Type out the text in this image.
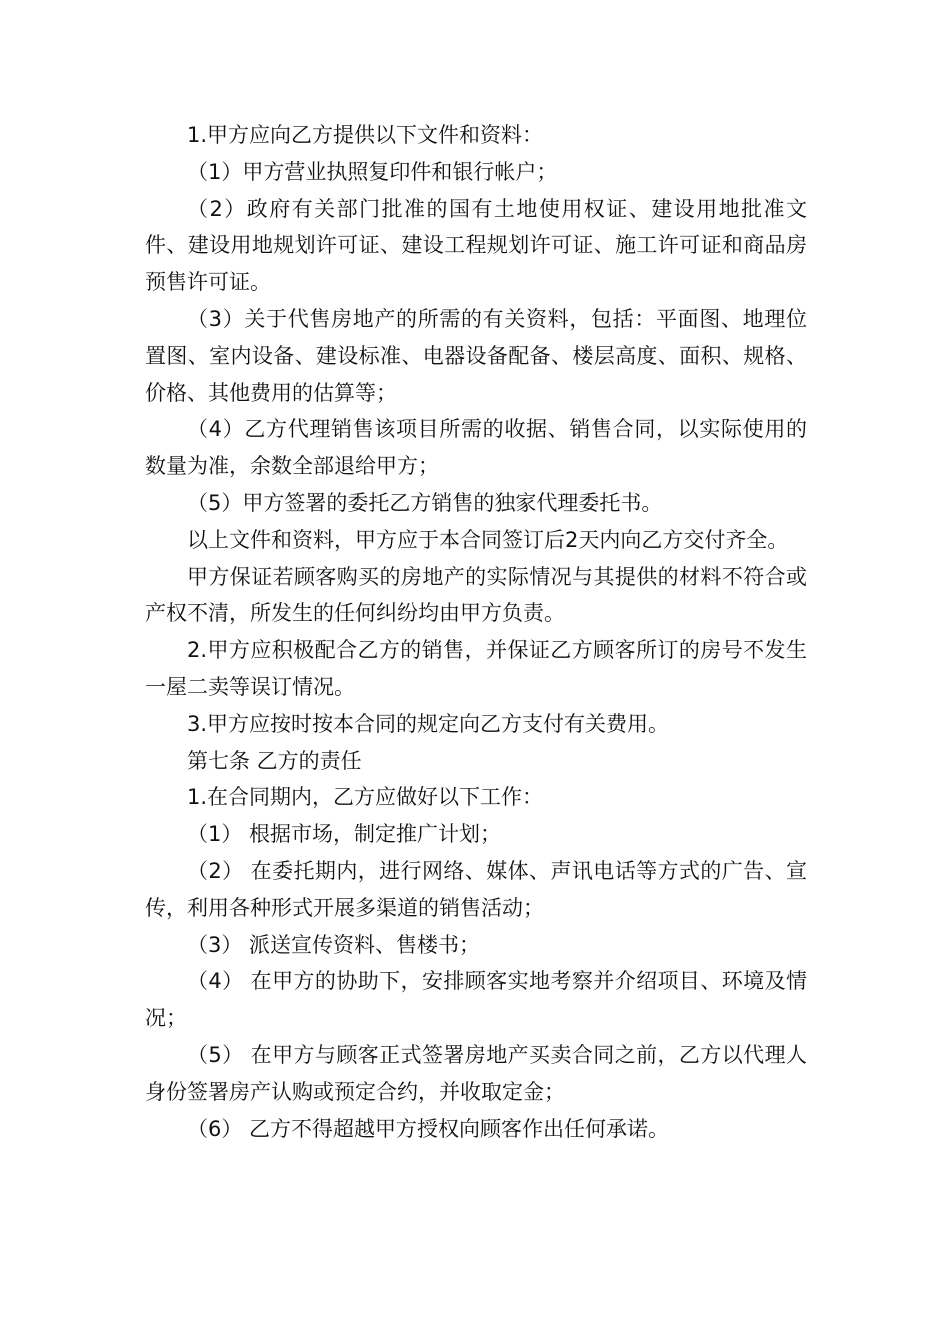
1.甲方应向乙方提供以下文件和资料：

（1）甲方营业执照复印件和银行帐户；

（2）政府有关部门批准的国有土地使用权证、建设用地批准文件、建设用地规划许可证、建设工程规划许可证、施工许可证和商品房预售许可证。

（3）关于代售房地产的所需的有关资料，包括：平面图、地理位置图、室内设备、建设标准、电器设备配备、楼层高度、面积、规格、价格、其他费用的估算等；

（4）乙方代理销售该项目所需的收据、销售合同，以实际使用的数量为准，余数全部退给甲方；

（5）甲方签署的委托乙方销售的独家代理委托书。

以上文件和资料，甲方应于本合同签订后2天内向乙方交付齐全。

甲方保证若顾客购买的房地产的实际情况与其提供的材料不符合或产权不清，所发生的任何纠纷均由甲方负责。

2.甲方应积极配合乙方的销售，并保证乙方顾客所订的房号不发生一屋二卖等误订情况。

3.甲方应按时按本合同的规定向乙方支付有关费用。

第七条 乙方的责任

1.在合同期内，乙方应做好以下工作：

（1） 根据市场，制定推广计划；

（2） 在委托期内，进行网络、媒体、声讯电话等方式的广告、宣传，利用各种形式开展多渠道的销售活动；

（3） 派送宣传资料、售楼书；

（4） 在甲方的协助下，安排顾客实地考察并介绍项目、环境及情况；

（5） 在甲方与顾客正式签署房地产买卖合同之前，乙方以代理人身份签署房产认购或预定合约，并收取定金；

（6） 乙方不得超越甲方授权向顾客作出任何承诺。
